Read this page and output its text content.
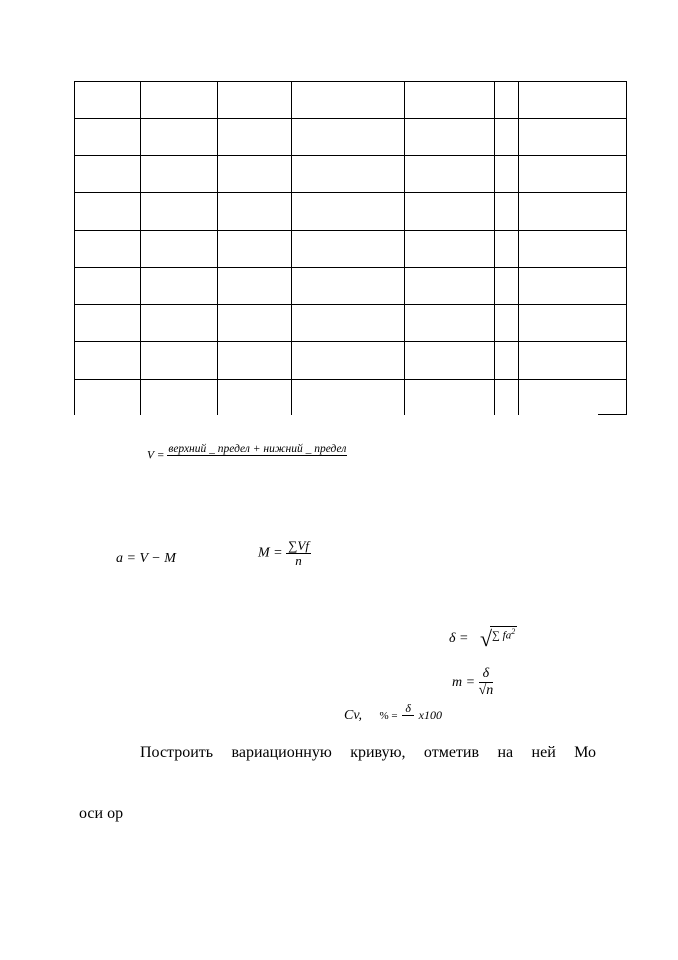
V =
верхний _ предел + нижний _ предел
a = V − M	$M = \frac{\sum Vf}{n}$
δ = √∑ $fa^2$
$m = \frac{\delta}{√n}$
Cv, % =
δ
x100
Построить вариационную кривую, отметив на ней Мо
оси ор
